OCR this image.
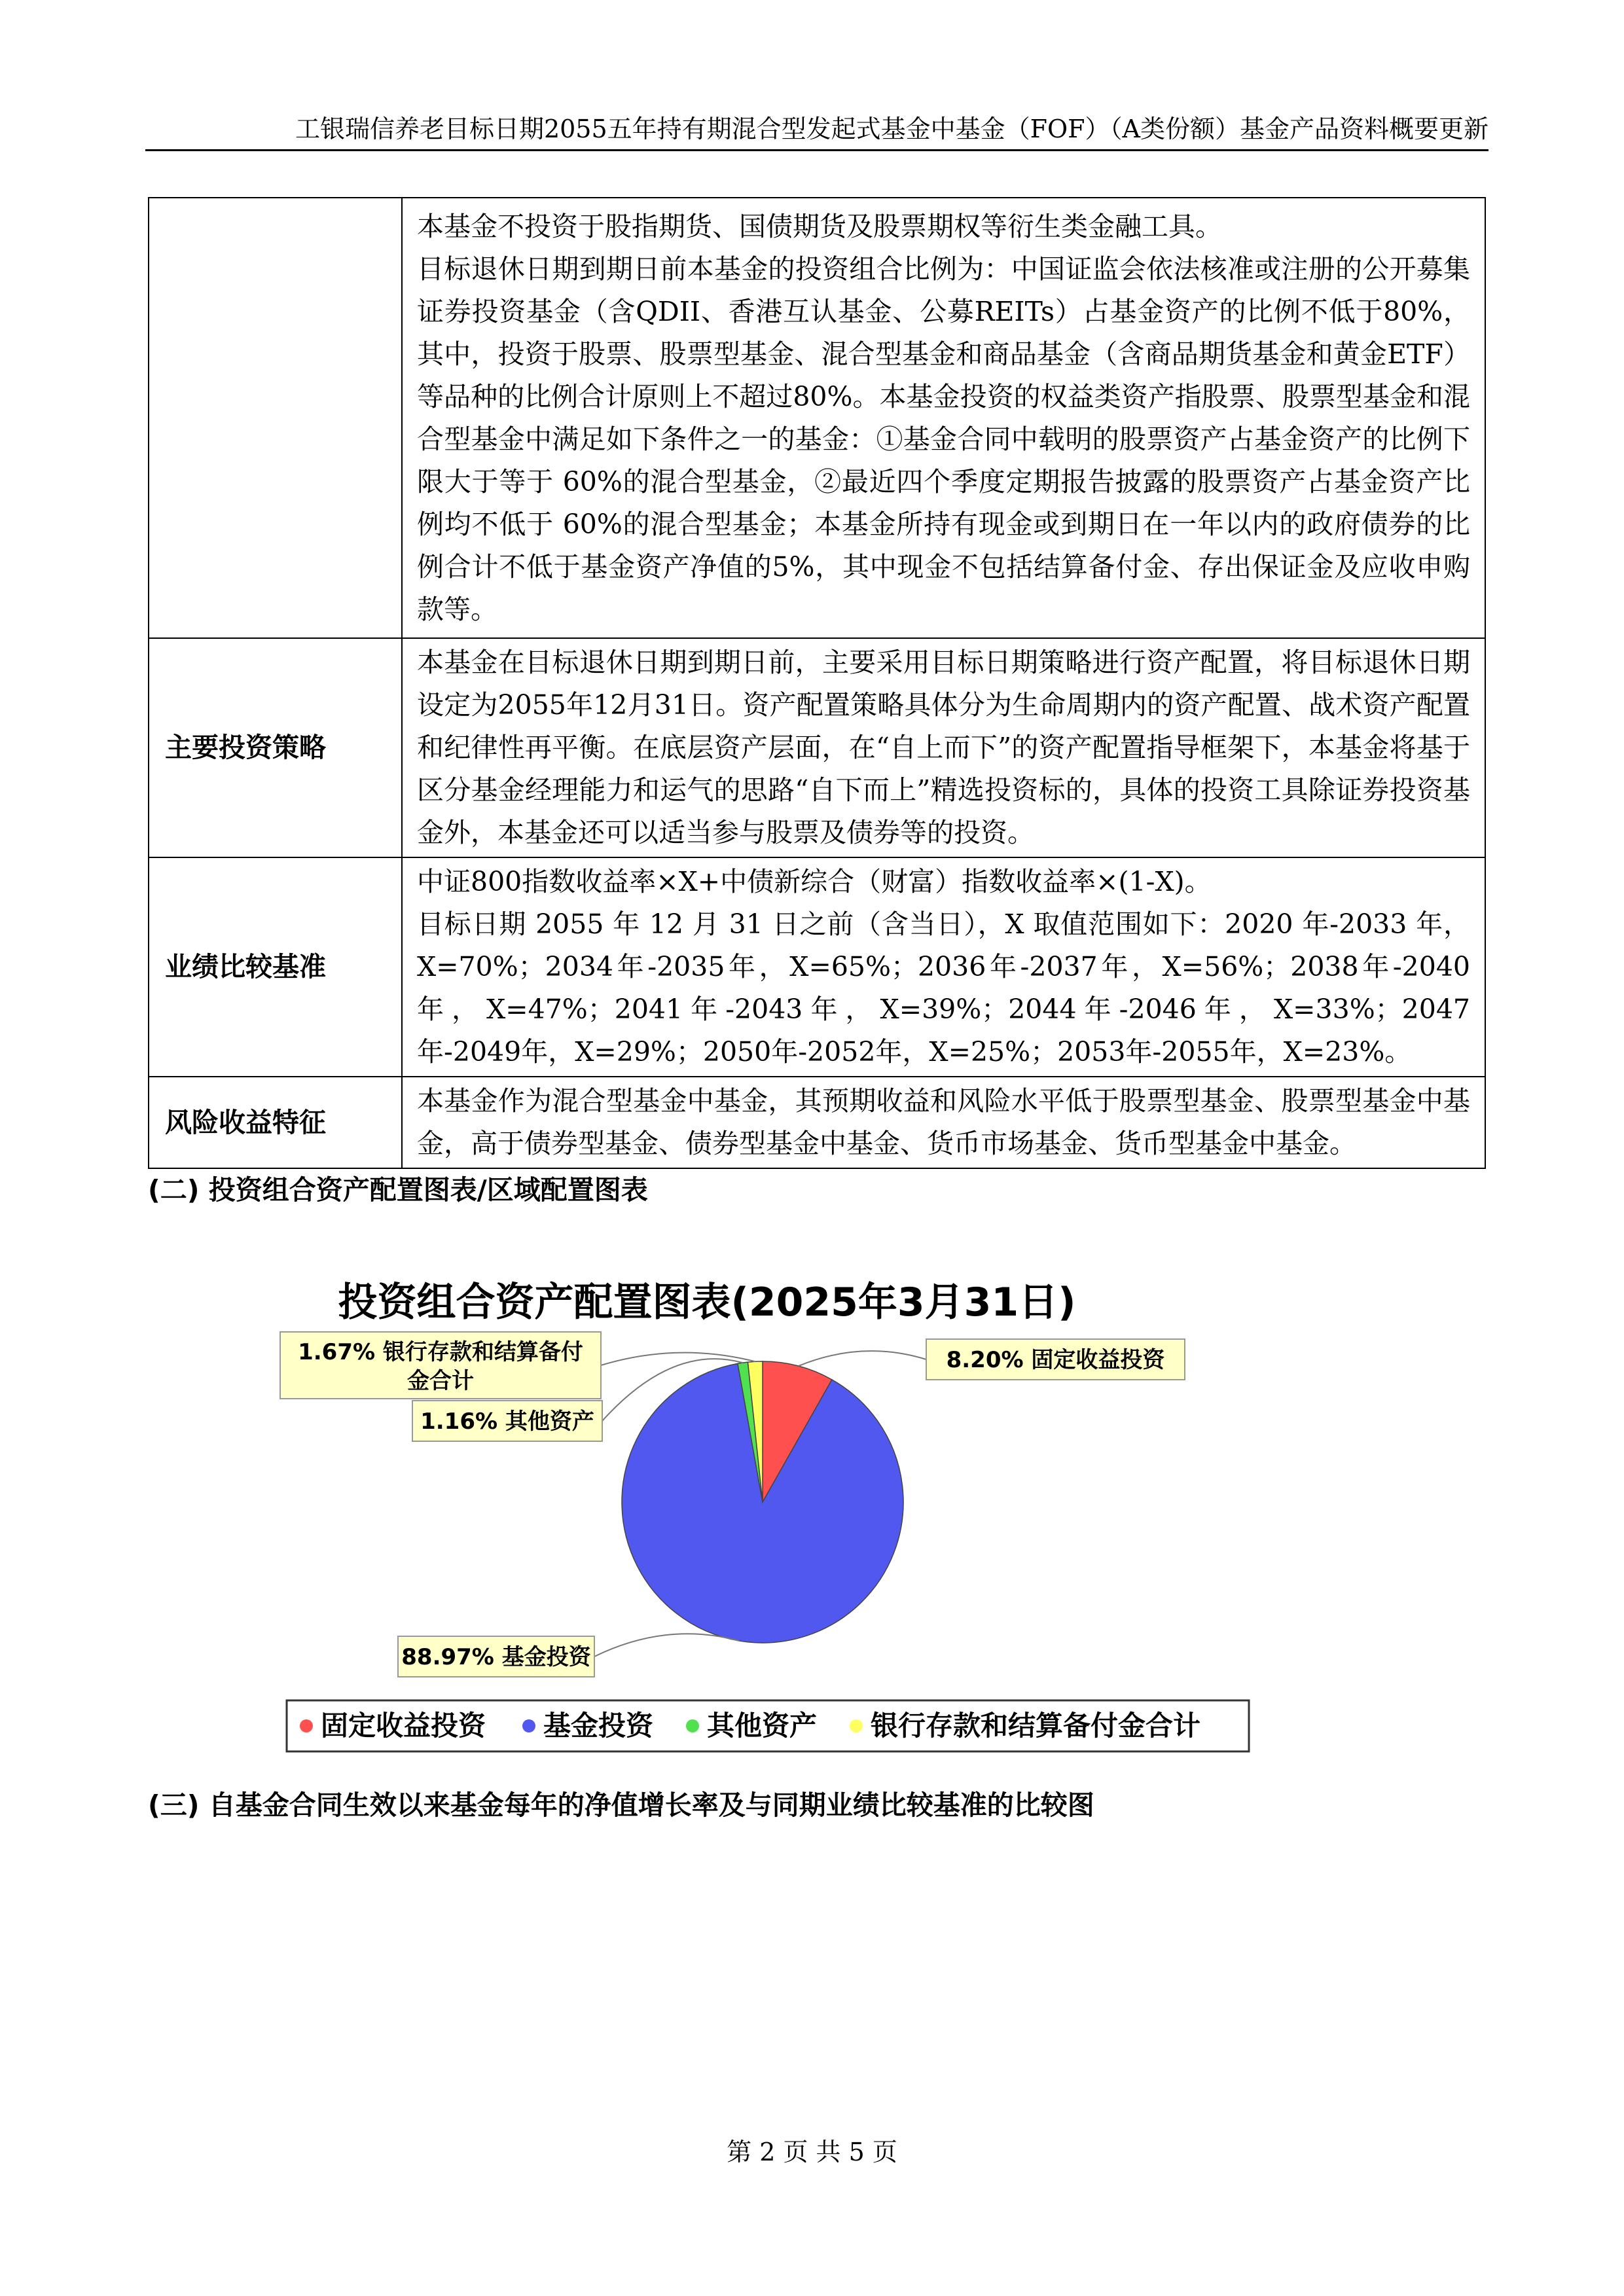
工银瑞信养老目标日期2055五年持有期混合型发起式基金中基金（FOF）（A类份额）基金产品资料概要更新

	本基金不投资于股指期货、国债期货及股票期权等衍生类金融工具。

目标退休日期到期日前本基金的投资组合比例为：中国证监会依法核准或注册的公开募集证券投资基金（含QDII、香港互认基金、公募REITs）占基金资产的比例不低于80%，其中，投资于股票、股票型基金、混合型基金和商品基金（含商品期货基金和黄金ETF）等品种的比例合计原则上不超过80%。本基金投资的权益类资产指股票、股票型基金和混合型基金中满足如下条件之一的基金：①基金合同中载明的股票资产占基金资产的比例下限大于等于 60%的混合型基金，②最近四个季度定期报告披露的股票资产占基金资产比例均不低于 60%的混合型基金；本基金所持有现金或到期日在一年以内的政府债券的比例合计不低于基金资产净值的5%，其中现金不包括结算备付金、存出保证金及应收申购款等。

主要投资策略	本基金在目标退休日期到期日前，主要采用目标日期策略进行资产配置，将目标退休日期设定为2055年12月31日。资产配置策略具体分为生命周期内的资产配置、战术资产配置和纪律性再平衡。在底层资产层面，在“自上而下”的资产配置指导框架下，本基金将基于区分基金经理能力和运气的思路“自下而上”精选投资标的，具体的投资工具除证券投资基金外，本基金还可以适当参与股票及债券等的投资。

业绩比较基准	中证800指数收益率×X+中债新综合（财富）指数收益率×(1-X)。

目标日期 2055 年 12 月 31 日之前（含当日），X 取值范围如下：2020 年-2033 年，X=70%；2034年-2035年，X=65%；2036年-2037年，X=56%；2038年-2040年，X=47%；2041年-2043年，X=39%；2044年-2046年，X=33%；2047年-2049年，X=29%；2050年-2052年，X=25%；2053年-2055年，X=23%。

风险收益特征	本基金作为混合型基金中基金，其预期收益和风险水平低于股票型基金、股票型基金中基金，高于债券型基金、债券型基金中基金、货币市场基金、货币型基金中基金。

(二) 投资组合资产配置图表/区域配置图表
投资组合资产配置图表(2025年3月31日)
8.20% 固定收益投资
88.97% 基金投资
1.16% 其他资产
1.67% 银行存款和结算备付金合计
固定收益投资 基金投资 其他资产 银行存款和结算备付金合计
(三) 自基金合同生效以来基金每年的净值增长率及与同期业绩比较基准的比较图
第 2 页 共 5 页
